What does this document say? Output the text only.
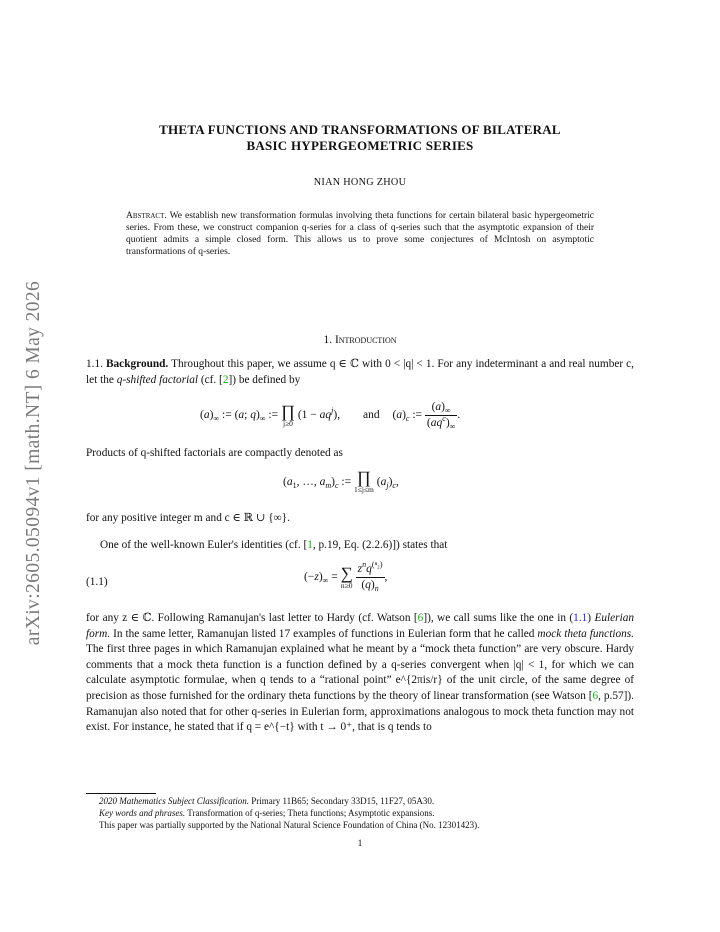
arXiv:2605.05094v1 [math.NT] 6 May 2026
THETA FUNCTIONS AND TRANSFORMATIONS OF BILATERAL
BASIC HYPERGEOMETRIC SERIES
NIAN HONG ZHOU
Abstract. We establish new transformation formulas involving theta functions for certain bilateral basic hypergeometric series. From these, we construct companion q-series for a class of q-series such that the asymptotic expansion of their quotient admits a simple closed form. This allows us to prove some conjectures of McIntosh on asymptotic transformations of q-series.
1. Introduction
1.1. Background. Throughout this paper, we assume q ∈ ℂ with 0 < |q| < 1. For any indeterminant a and real number c, let the q-shifted factorial (cf. [2]) be defined by
$(a)_\infty$ := (a; $q)_\infty$ := ∏
j≥0
$(1 - aq^j)$, and $(a)_c$ := $\frac{(a)_\infty}{(aq^c)_\infty}$ .
Products of q-shifted factorials are compactly denoted as
($a_1$, …, $a_m)_c$ := ∏
1≤j≤m
$(a_j)_c$,
for any positive integer m and c ∈ ℝ ∪ {∞}.
One of the well-known Euler's identities (cf. [1, p.19, Eq. (2.2.6)]) states that
(1.1)	$(-z)_\infty$ = ∑
n≥0
$\frac{z^nq^{(^n_2)}}{(q)_n}$ ,
for any z ∈ ℂ. Following Ramanujan's last letter to Hardy (cf. Watson [6]), we call sums like the one in (1.1) Eulerian form. In the same letter, Ramanujan listed 17 examples of functions in Eulerian form that he called mock theta functions. The first three pages in which Ramanujan explained what he meant by a “mock theta function” are very obscure. Hardy comments that a mock theta function is a function defined by a q-series convergent when |q| < 1, for which we can calculate asymptotic formulae, when q tends to a “rational point” e^{2πis/r} of the unit circle, of the same degree of precision as those furnished for the ordinary theta functions by the theory of linear transformation (see Watson [6, p.57]). Ramanujan also noted that for other q-series in Eulerian form, approximations analogous to mock theta function may not exist. For instance, he stated that if q = e^{−t} with t → 0⁺, that is q tends to
2020 Mathematics Subject Classification. Primary 11B65; Secondary 33D15, 11F27, 05A30.
Key words and phrases. Transformation of q-series; Theta functions; Asymptotic expansions.
This paper was partially supported by the National Natural Science Foundation of China (No. 12301423).
1
